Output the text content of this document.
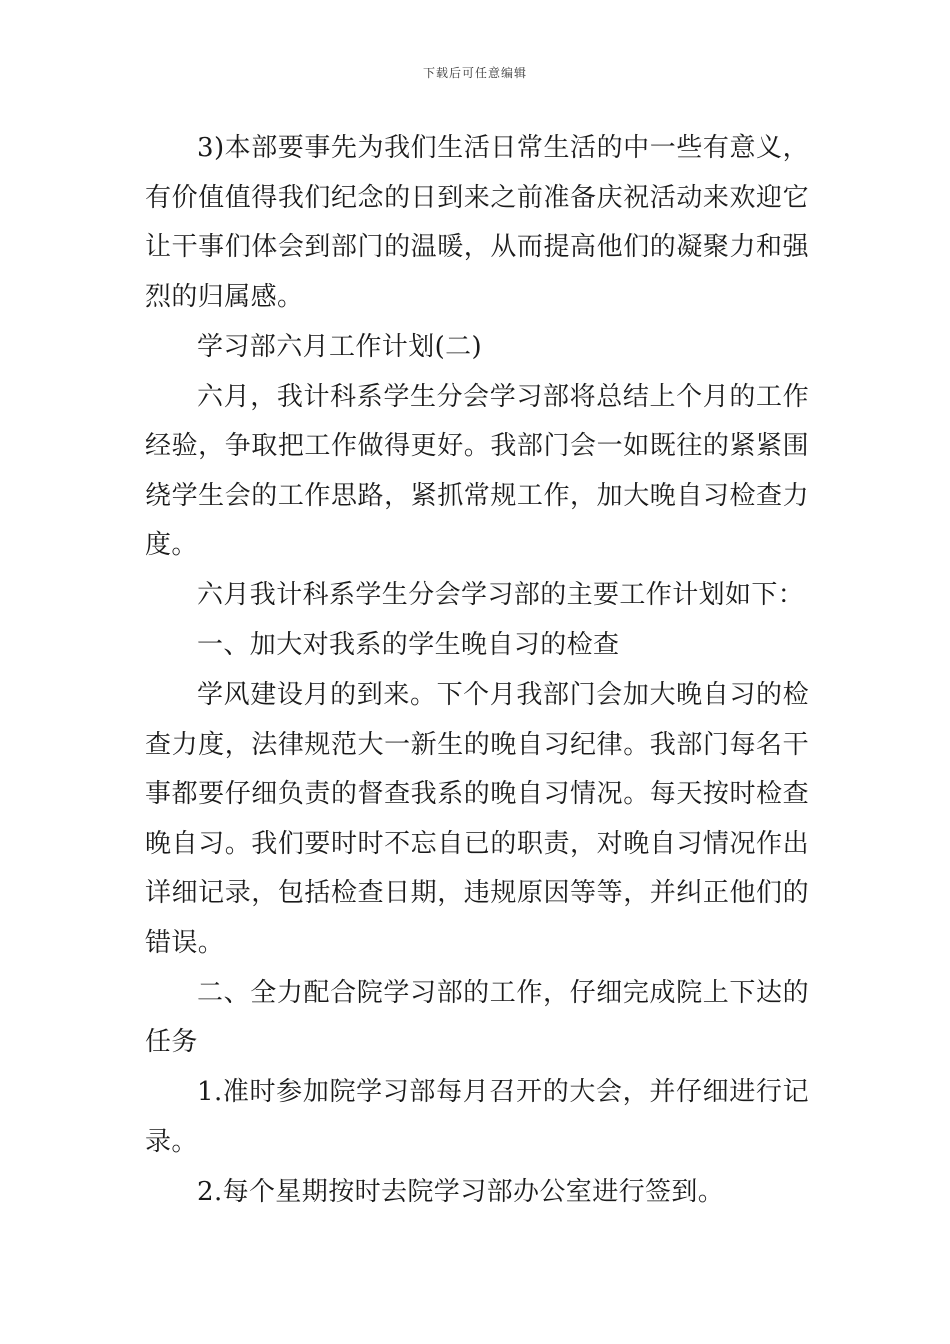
下载后可任意编辑

3)本部要事先为我们生活日常生活的中一些有意义，有价值值得我们纪念的日到来之前准备庆祝活动来欢迎它让干事们体会到部门的温暖，从而提高他们的凝聚力和强烈的归属感。

学习部六月工作计划(二)

六月，我计科系学生分会学习部将总结上个月的工作经验，争取把工作做得更好。我部门会一如既往的紧紧围绕学生会的工作思路，紧抓常规工作，加大晚自习检查力度。

六月我计科系学生分会学习部的主要工作计划如下：

一、加大对我系的学生晚自习的检查

学风建设月的到来。下个月我部门会加大晚自习的检查力度，法律规范大一新生的晚自习纪律。我部门每名干事都要仔细负责的督查我系的晚自习情况。每天按时检查晚自习。我们要时时不忘自已的职责，对晚自习情况作出详细记录，包括检查日期，违规原因等等，并纠正他们的错误。

二、全力配合院学习部的工作，仔细完成院上下达的任务

1.准时参加院学习部每月召开的大会，并仔细进行记录。

2.每个星期按时去院学习部办公室进行签到。
